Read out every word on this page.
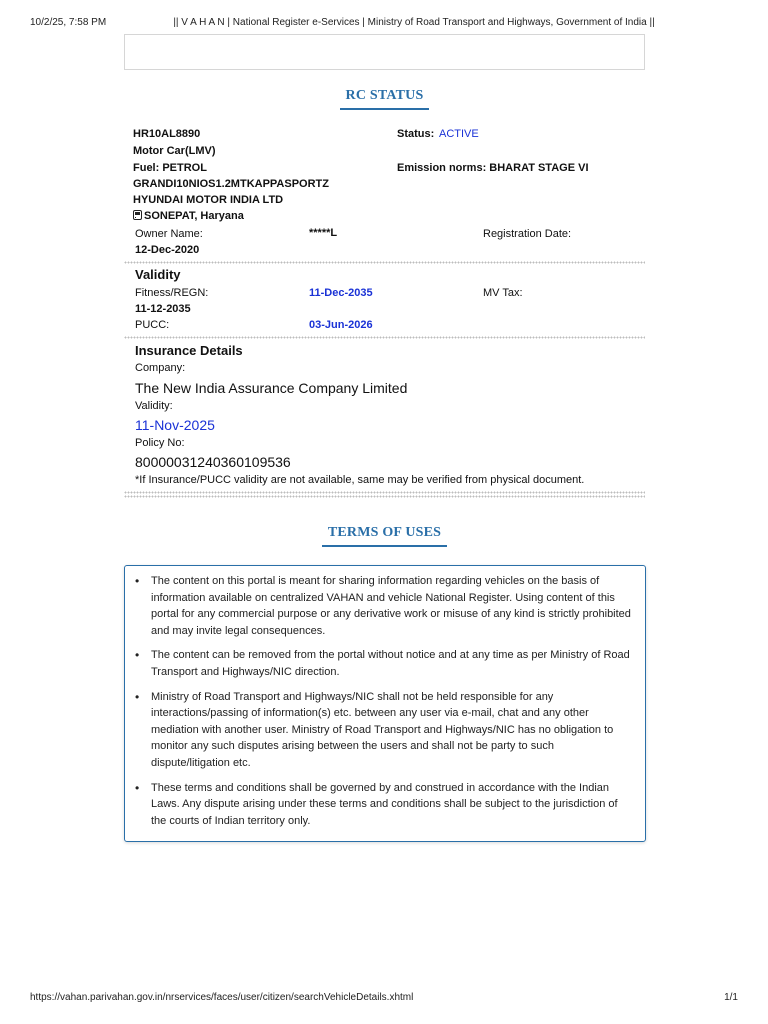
10/2/25, 7:58 PM	|| V A H A N | National Register e-Services | Ministry of Road Transport and Highways, Government of India ||
RC STATUS
HR10AL8890
Motor Car(LMV)
Fuel: PETROL
GRANDI10NIOS1.2MTKAPPASPORTZ
HYUNDAI MOTOR INDIA LTD
SONEPAT, Haryana
Status: ACTIVE
Emission norms: BHARAT STAGE VI
Owner Name:	*****L	Registration Date:
12-Dec-2020
Validity
Fitness/REGN:	11-Dec-2035	MV Tax:
11-12-2035
PUCC:	03-Jun-2026
Insurance Details
Company:
The New India Assurance Company Limited
Validity:
11-Nov-2025
Policy No:
80000031240360109536
*If Insurance/PUCC validity are not available, same may be verified from physical document.
TERMS OF USES
• The content on this portal is meant for sharing information regarding vehicles on the basis of information available on centralized VAHAN and vehicle National Register. Using content of this portal for any commercial purpose or any derivative work or misuse of any kind is strictly prohibited and may invite legal consequences.
• The content can be removed from the portal without notice and at any time as per Ministry of Road Transport and Highways/NIC direction.
• Ministry of Road Transport and Highways/NIC shall not be held responsible for any interactions/passing of information(s) etc. between any user via e-mail, chat and any other mediation with another user. Ministry of Road Transport and Highways/NIC has no obligation to monitor any such disputes arising between the users and shall not be party to such dispute/litigation etc.
• These terms and conditions shall be governed by and construed in accordance with the Indian Laws. Any dispute arising under these terms and conditions shall be subject to the jurisdiction of the courts of Indian territory only.
https://vahan.parivahan.gov.in/nrservices/faces/user/citizen/searchVehicleDetails.xhtml	1/1
